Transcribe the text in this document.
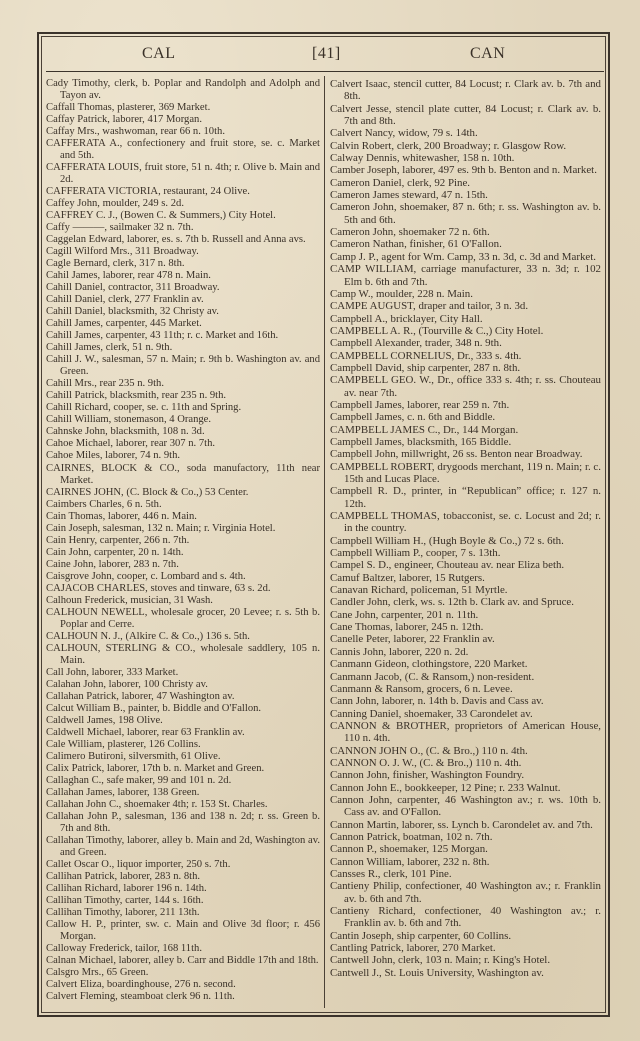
CAL	[41]	CAN

Cady Timothy, clerk, b. Poplar and Randolph and Adolph and Tayon av.

Caffall Thomas, plasterer, 369 Market.

Caffay Patrick, laborer, 417 Morgan.

Caffay Mrs., washwoman, rear 66 n. 10th.

CAFFERATA A., confectionery and fruit store, se. c. Market and 5th.

CAFFERATA LOUIS, fruit store, 51 n. 4th; r. Olive b. Main and 2d.

CAFFERATA VICTORIA, restaurant, 24 Olive.

Caffey John, moulder, 249 s. 2d.

CAFFREY C. J., (Bowen C. & Summers,) City Hotel.

Caffy ———, sailmaker 32 n. 7th.

Caggelan Edward, laborer, es. s. 7th b. Russell and Anna avs.

Cagill Wilford Mrs., 311 Broadway.

Cagle Bernard, clerk, 317 n. 8th.

Cahil James, laborer, rear 478 n. Main.

Cahill Daniel, contractor, 311 Broadway.

Cahill Daniel, clerk, 277 Franklin av.

Cahill Daniel, blacksmith, 32 Christy av.

Cahill James, carpenter, 445 Market.

Cahill James, carpenter, 43 11th; r. c. Market and 16th.

Cahill James, clerk, 51 n. 9th.

Cahill J. W., salesman, 57 n. Main; r. 9th b. Washington av. and Green.

Cahill Mrs., rear 235 n. 9th.

Cahill Patrick, blacksmith, rear 235 n. 9th.

Cahill Richard, cooper, se. c. 11th and Spring.

Cahill William, stonemason, 4 Orange.

Cahnske John, blacksmith, 108 n. 3d.

Cahoe Michael, laborer, rear 307 n. 7th.

Cahoe Miles, laborer, 74 n. 9th.

CAIRNES, BLOCK & CO., soda manufactory, 11th near Market.

CAIRNES JOHN, (C. Block & Co.,) 53 Center.

Caimbers Charles, 6 n. 5th.

Cain Thomas, laborer, 446 n. Main.

Cain Joseph, salesman, 132 n. Main; r. Virginia Hotel.

Cain Henry, carpenter, 266 n. 7th.

Cain John, carpenter, 20 n. 14th.

Caine John, laborer, 283 n. 7th.

Caisgrove John, cooper, c. Lombard and s. 4th.

CAJACOB CHARLES, stoves and tinware, 63 s. 2d.

Calhoun Frederick, musician, 31 Wash.

CALHOUN NEWELL, wholesale grocer, 20 Levee; r. s. 5th b. Poplar and Cerre.

CALHOUN N. J., (Alkire C. & Co.,) 136 s. 5th.

CALHOUN, STERLING & CO., wholesale saddlery, 105 n. Main.

Call John, laborer, 333 Market.

Calahan John, laborer, 100 Christy av.

Callahan Patrick, laborer, 47 Washington av.

Calcut William B., painter, b. Biddle and O'Fallon.

Caldwell James, 198 Olive.

Caldwell Michael, laborer, rear 63 Franklin av.

Cale William, plasterer, 126 Collins.

Calimero Butironi, silversmith, 61 Olive.

Calix Patrick, laborer, 17th b. n. Market and Green.

Callaghan C., safe maker, 99 and 101 n. 2d.

Callahan James, laborer, 138 Green.

Callahan John C., shoemaker 4th; r. 153 St. Charles.

Callahan John P., salesman, 136 and 138 n. 2d; r. ss. Green b. 7th and 8th.

Callahan Timothy, laborer, alley b. Main and 2d, Washington av. and Green.

Callet Oscar O., liquor importer, 250 s. 7th.

Callihan Patrick, laborer, 283 n. 8th.

Callihan Richard, laborer 196 n. 14th.

Callihan Timothy, carter, 144 s. 16th.

Callihan Timothy, laborer, 211 13th.

Callow H. P., printer, sw. c. Main and Olive 3d floor; r. 456 Morgan.

Calloway Frederick, tailor, 168 11th.

Calnan Michael, laborer, alley b. Carr and Biddle 17th and 18th.

Calsgro Mrs., 65 Green.

Calvert Eliza, boardinghouse, 276 n. second.

Calvert Fleming, steamboat clerk 96 n. 11th.

Calvert Isaac, stencil cutter, 84 Locust; r. Clark av. b. 7th and 8th.

Calvert Jesse, stencil plate cutter, 84 Locust; r. Clark av. b. 7th and 8th.

Calvert Nancy, widow, 79 s. 14th.

Calvin Robert, clerk, 200 Broadway; r. Glasgow Row.

Calway Dennis, whitewasher, 158 n. 10th.

Camber Joseph, laborer, 497 es. 9th b. Benton and n. Market.

Cameron Daniel, clerk, 92 Pine.

Cameron James steward, 47 n. 15th.

Cameron John, shoemaker, 87 n. 6th; r. ss. Washington av. b. 5th and 6th.

Cameron John, shoemaker 72 n. 6th.

Cameron Nathan, finisher, 61 O'Fallon.

Camp J. P., agent for Wm. Camp, 33 n. 3d, c. 3d and Market.

CAMP WILLIAM, carriage manufacturer, 33 n. 3d; r. 102 Elm b. 6th and 7th.

Camp W., moulder, 228 n. Main.

CAMPE AUGUST, draper and tailor, 3 n. 3d.

Campbell A., bricklayer, City Hall.

CAMPBELL A. R., (Tourville & C.,) City Hotel.

Campbell Alexander, trader, 348 n. 9th.

CAMPBELL CORNELIUS, Dr., 333 s. 4th.

Campbell David, ship carpenter, 287 n. 8th.

CAMPBELL GEO. W., Dr., office 333 s. 4th; r. ss. Chouteau av. near 7th.

Campbell James, laborer, rear 259 n. 7th.

Campbell James, c. n. 6th and Biddle.

CAMPBELL JAMES C., Dr., 144 Morgan.

Campbell James, blacksmith, 165 Biddle.

Campbell John, millwright, 26 ss. Benton near Broadway.

CAMPBELL ROBERT, drygoods merchant, 119 n. Main; r. c. 15th and Lucas Place.

Campbell R. D., printer, in “Republican” office; r. 127 n. 12th.

CAMPBELL THOMAS, tobacconist, se. c. Locust and 2d; r. in the country.

Campbell William H., (Hugh Boyle & Co.,) 72 s. 6th.

Campbell William P., cooper, 7 s. 13th.

Campel S. D., engineer, Chouteau av. near Eliza beth.

Camuf Baltzer, laborer, 15 Rutgers.

Canavan Richard, policeman, 51 Myrtle.

Candler John, clerk, ws. s. 12th b. Clark av. and Spruce.

Cane John, carpenter, 201 n. 11th.

Cane Thomas, laborer, 245 n. 12th.

Canelle Peter, laborer, 22 Franklin av.

Cannis John, laborer, 220 n. 2d.

Canmann Gideon, clothingstore, 220 Market.

Canmann Jacob, (C. & Ransom,) non-resident.

Canmann & Ransom, grocers, 6 n. Levee.

Cann John, laborer, n. 14th b. Davis and Cass av.

Canning Daniel, shoemaker, 33 Carondelet av.

CANNON & BROTHER, proprietors of American House, 110 n. 4th.

CANNON JOHN O., (C. & Bro.,) 110 n. 4th.

CANNON O. J. W., (C. & Bro.,) 110 n. 4th.

Cannon John, finisher, Washington Foundry.

Cannon John E., bookkeeper, 12 Pine; r. 233 Walnut.

Cannon John, carpenter, 46 Washington av.; r. ws. 10th b. Cass av. and O'Fallon.

Cannon Martin, laborer, ss. Lynch b. Carondelet av. and 7th.

Cannon Patrick, boatman, 102 n. 7th.

Cannon P., shoemaker, 125 Morgan.

Cannon William, laborer, 232 n. 8th.

Cansses R., clerk, 101 Pine.

Cantieny Philip, confectioner, 40 Washington av.; r. Franklin av. b. 6th and 7th.

Cantieny Richard, confectioner, 40 Washington av.; r. Franklin av. b. 6th and 7th.

Cantin Joseph, ship carpenter, 60 Collins.

Cantling Patrick, laborer, 270 Market.

Cantwell John, clerk, 103 n. Main; r. King's Hotel.

Cantwell J., St. Louis University, Washington av.
